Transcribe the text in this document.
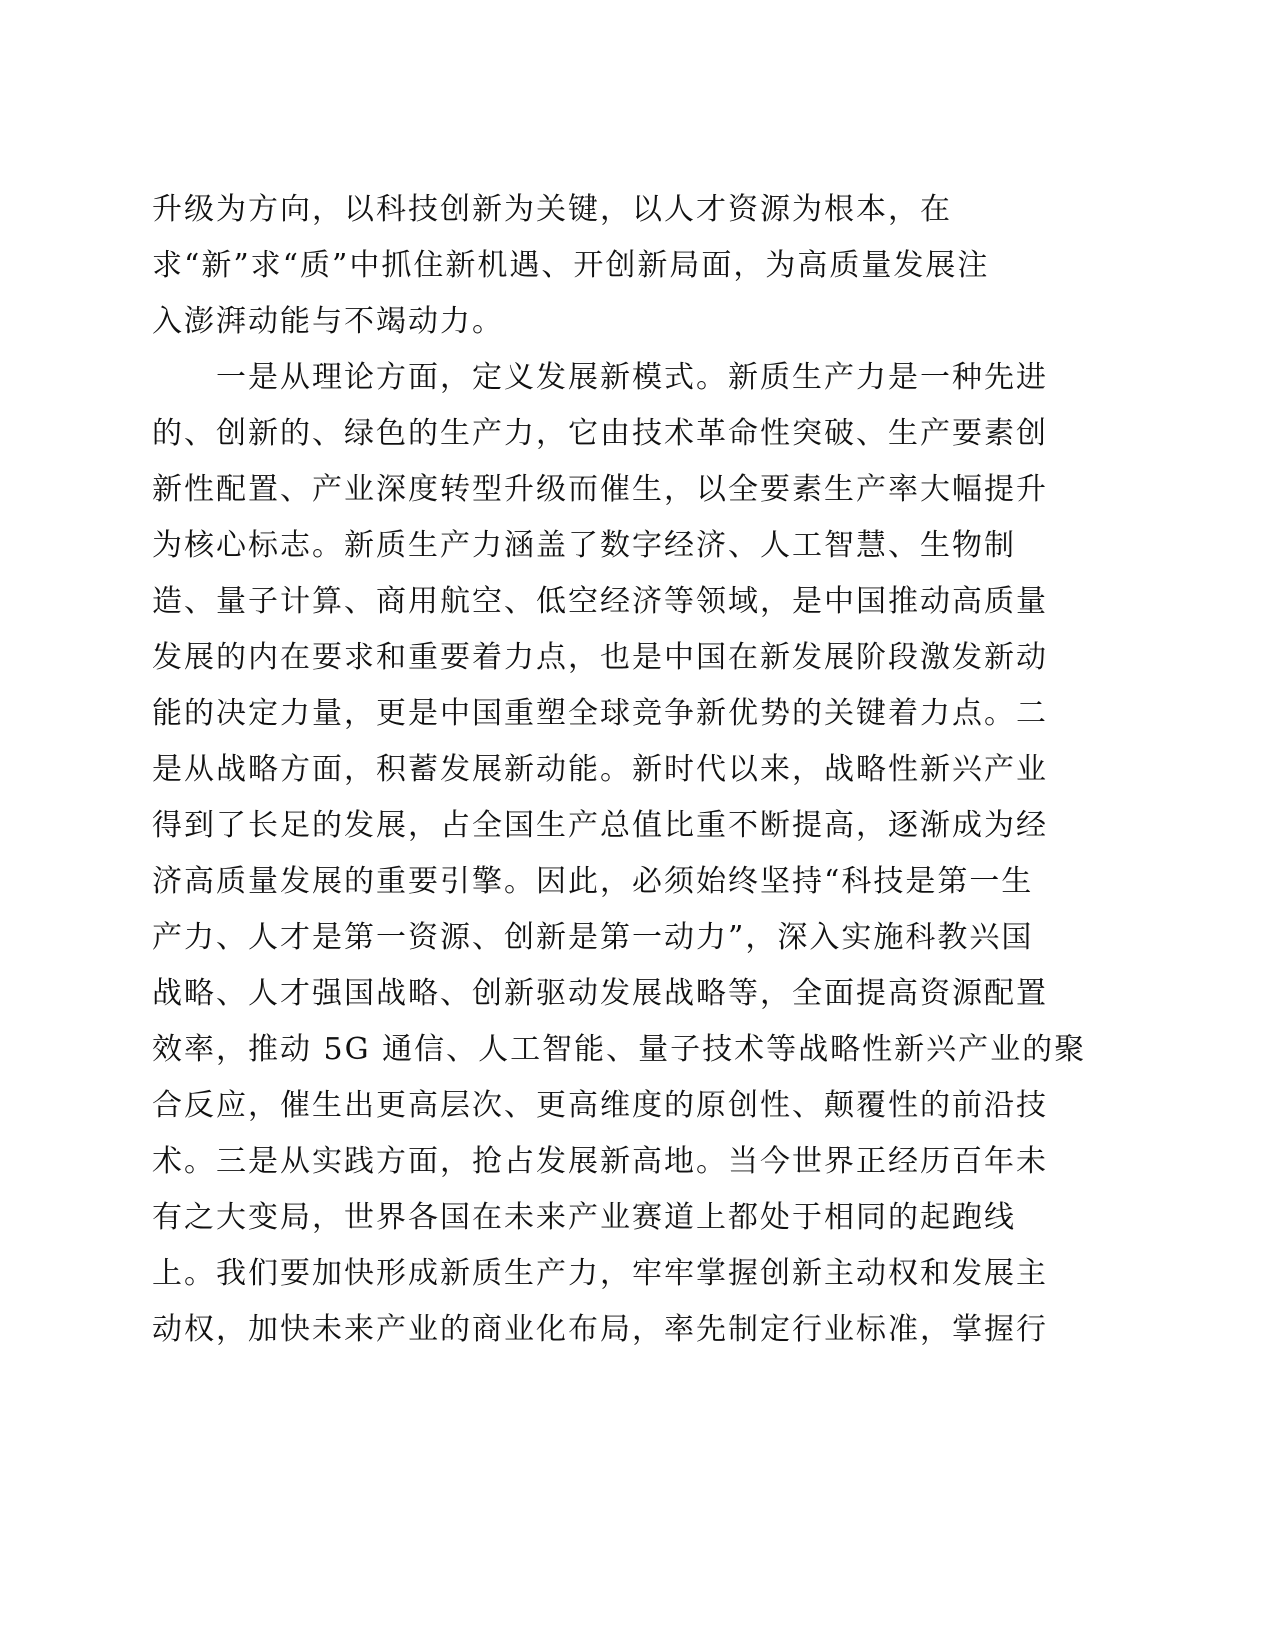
升级为方向，以科技创新为关键，以人才资源为根本，在
求“新”求“质”中抓住新机遇、开创新局面，为高质量发展注
入澎湃动能与不竭动力。
　　一是从理论方面，定义发展新模式。新质生产力是一种先进
的、创新的、绿色的生产力，它由技术革命性突破、生产要素创
新性配置、产业深度转型升级而催生，以全要素生产率大幅提升
为核心标志。新质生产力涵盖了数字经济、人工智慧、生物制
造、量子计算、商用航空、低空经济等领域，是中国推动高质量
发展的内在要求和重要着力点，也是中国在新发展阶段激发新动
能的决定力量，更是中国重塑全球竞争新优势的关键着力点。二
是从战略方面，积蓄发展新动能。新时代以来，战略性新兴产业
得到了长足的发展，占全国生产总值比重不断提高，逐渐成为经
济高质量发展的重要引擎。因此，必须始终坚持“科技是第一生
产力、人才是第一资源、创新是第一动力”，深入实施科教兴国
战略、人才强国战略、创新驱动发展战略等，全面提高资源配置
效率，推动 5G 通信、人工智能、量子技术等战略性新兴产业的聚
合反应，催生出更高层次、更高维度的原创性、颠覆性的前沿技
术。三是从实践方面，抢占发展新高地。当今世界正经历百年未
有之大变局，世界各国在未来产业赛道上都处于相同的起跑线
上。我们要加快形成新质生产力，牢牢掌握创新主动权和发展主
动权，加快未来产业的商业化布局，率先制定行业标准，掌握行
